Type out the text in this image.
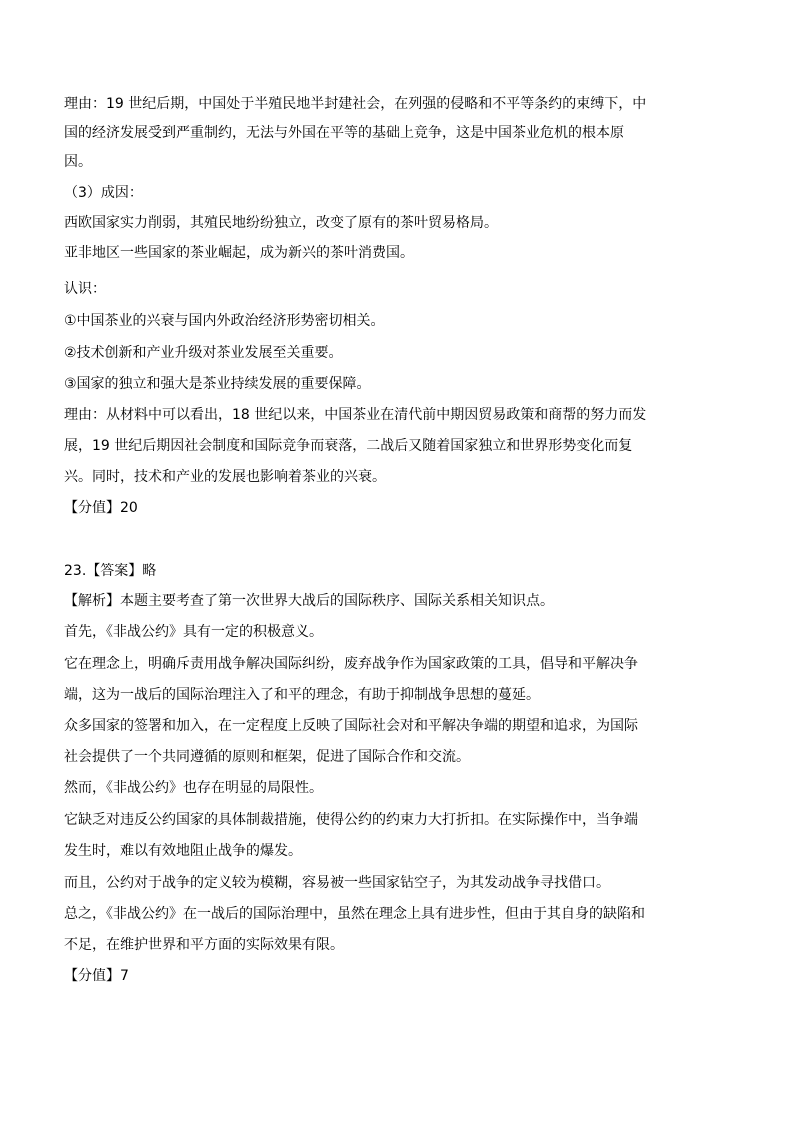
理由：19 世纪后期，中国处于半殖民地半封建社会，在列强的侵略和不平等条约的束缚下，中
国的经济发展受到严重制约，无法与外国在平等的基础上竞争，这是中国茶业危机的根本原
因。
（3）成因：
西欧国家实力削弱，其殖民地纷纷独立，改变了原有的茶叶贸易格局。
亚非地区一些国家的茶业崛起，成为新兴的茶叶消费国。
认识：
①中国茶业的兴衰与国内外政治经济形势密切相关。
②技术创新和产业升级对茶业发展至关重要。
③国家的独立和强大是茶业持续发展的重要保障。
理由：从材料中可以看出，18 世纪以来，中国茶业在清代前中期因贸易政策和商帮的努力而发
展，19 世纪后期因社会制度和国际竞争而衰落，二战后又随着国家独立和世界形势变化而复
兴。同时，技术和产业的发展也影响着茶业的兴衰。
【分值】20
23.【答案】略
【解析】本题主要考查了第一次世界大战后的国际秩序、国际关系相关知识点。
首先，《非战公约》具有一定的积极意义。
它在理念上，明确斥责用战争解决国际纠纷，废弃战争作为国家政策的工具，倡导和平解决争
端，这为一战后的国际治理注入了和平的理念，有助于抑制战争思想的蔓延。
众多国家的签署和加入，在一定程度上反映了国际社会对和平解决争端的期望和追求，为国际
社会提供了一个共同遵循的原则和框架，促进了国际合作和交流。
然而，《非战公约》也存在明显的局限性。
它缺乏对违反公约国家的具体制裁措施，使得公约的约束力大打折扣。在实际操作中，当争端
发生时，难以有效地阻止战争的爆发。
而且，公约对于战争的定义较为模糊，容易被一些国家钻空子，为其发动战争寻找借口。
总之，《非战公约》在一战后的国际治理中，虽然在理念上具有进步性，但由于其自身的缺陷和
不足，在维护世界和平方面的实际效果有限。
【分值】7
